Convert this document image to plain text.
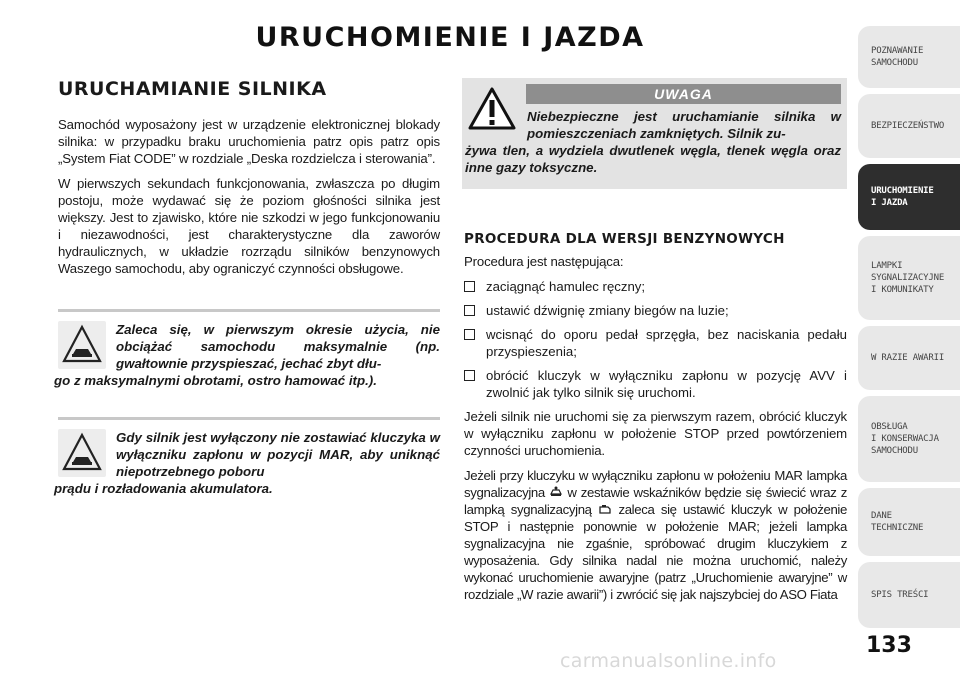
URUCHOMIENIE I JAZDA
URUCHAMIANIE SILNIKA

Samochód wyposażony jest w urządzenie elektronicznej blokady silnika: w przypadku braku uruchomienia patrz opis patrz opis „System Fiat CODE” w rozdziale „Deska rozdzielcza i sterowania”.

W pierwszych sekundach funkcjonowania, zwłaszcza po długim postoju, może wydawać się że poziom głośności silnika jest większy. Jest to zjawisko, które nie szkodzi w jego funkcjonowaniu i niezawodności, jest charakterystyczne dla zaworów hydraulicznych, w układzie rozrządu silników benzynowych Waszego samochodu, aby ograniczyć czynności obsługowe.

Zaleca się, w pierwszym okresie użycia, nie obciążać samochodu maksymalnie (np. gwałtownie przyspieszać, jechać zbyt dłu-
go z maksymalnymi obrotami, ostro hamować itp.).
Gdy silnik jest wyłączony nie zostawiać kluczyka w wyłączniku zapłonu w pozycji MAR, aby uniknąć niepotrzebnego poboru
prądu i rozładowania akumulatora.
UWAGA
Niebezpieczne jest uruchamianie silnika w pomieszczeniach zamkniętych. Silnik zu-
żywa tlen, a wydziela dwutlenek węgla, tlenek węgla oraz inne gazy toksyczne.
PROCEDURA DLA WERSJI BENZYNOWYCH

Procedura jest następująca:

zaciągnąć hamulec ręczny;
ustawić dźwignię zmiany biegów na luzie;
wcisnąć do oporu pedał sprzęgła, bez naciskania pedału przyspieszenia;
obrócić kluczyk w wyłączniku zapłonu w pozycję AVV i zwolnić jak tylko silnik się uruchomi.

Jeżeli silnik nie uruchomi się za pierwszym razem, obrócić kluczyk w wyłączniku zapłonu w położenie STOP przed powtórzeniem czynności uruchomienia.

Jeżeli przy kluczyku w wyłączniku zapłonu w położeniu MAR lampka sygnalizacyjna w zestawie wskaźników będzie się świecić wraz z lampką sygnalizacyjną zaleca się ustawić kluczyk w położenie STOP i następnie ponownie w położenie MAR; jeżeli lampka sygnalizacyjna nie zgaśnie, spróbować drugim kluczykiem z wyposażenia. Gdy silnika nadal nie można uruchomić, należy wykonać uruchomienie awaryjne (patrz „Uruchomienie awaryjne” w rozdziale „W razie awarii”) i zwrócić się jak najszybciej do ASO Fiata

POZNAWANIE
SAMOCHODU
BEZPIECZEŃSTWO
URUCHOMIENIE
I JAZDA
LAMPKI
SYGNALIZACYJNE
I KOMUNIKATY
W RAZIE AWARII
OBSŁUGA
I KONSERWACJA
SAMOCHODU
DANE
TECHNICZNE
SPIS TREŚCI
133
carmanualsonline.info
